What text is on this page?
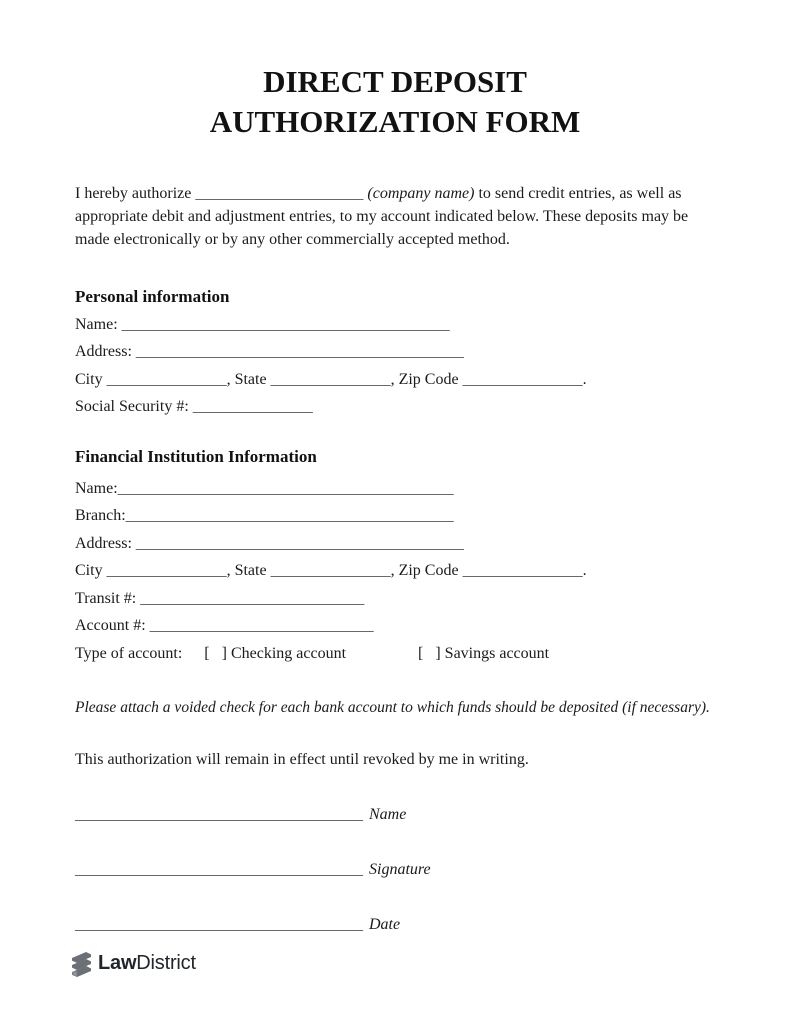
DIRECT DEPOSIT
AUTHORIZATION FORM

I hereby authorize _____________________ (company name) to send credit entries, as well as appropriate debit and adjustment entries, to my account indicated below. These deposits may be made electronically or by any other commercially accepted method.

Personal information
Name: _________________________________________
Address: _________________________________________
City _______________, State _______________, Zip Code _______________.
Social Security #: _______________
Financial Institution Information
Name:__________________________________________
Branch:_________________________________________
Address: _________________________________________
City _______________, State _______________, Zip Code _______________.
Transit #: ____________________________
Account #: ____________________________
Type of account: [   ] Checking account	[   ] Savings account

Please attach a voided check for each bank account to which funds should be deposited (if necessary).

This authorization will remain in effect until revoked by me in writing.

____________________________________ Name
____________________________________ Signature
____________________________________ Date
LawDistrict
